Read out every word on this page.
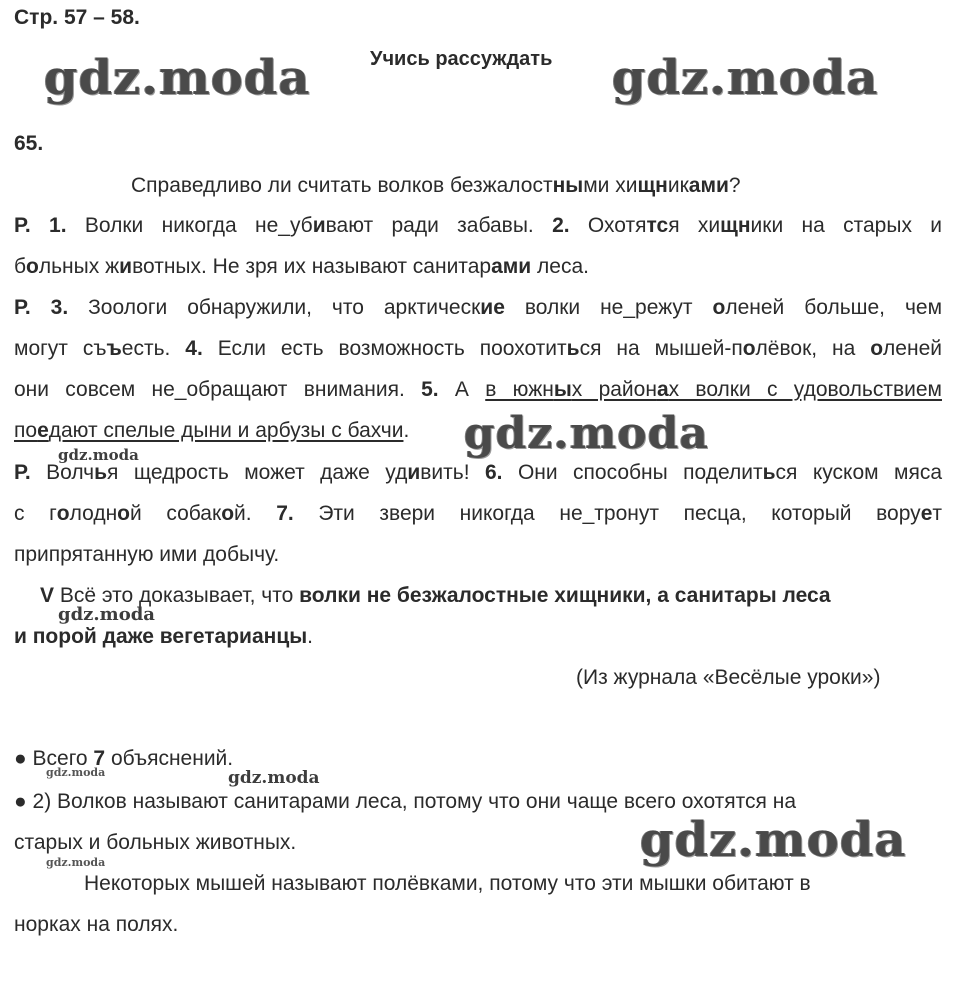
Стр. 57 – 58.
Учись рассуждать
gdz.moda	gdz.moda
65.
Справедливо ли считать волков безжалостными хищниками?
Р. 1. Волки никогда не_убивают ради забавы. 2. Охотятся хищники на старых и
больных животных. Не зря их называют санитарами леса.
Р. 3. Зоологи обнаружили, что арктические волки не_режут оленей больше, чем
могут съъесть. 4. Если есть возможность поохотиться на мышей-полёвок, на оленей
они совсем не_обращают внимания. 5. А в южных районах волки с удовольствием
поедают спелые дыни и арбузы с бахчи.	gdz.moda
gdz.moda
Р. Волчья щедрость может даже удивить! 6. Они способны поделиться куском мяса
с голодной собакой. 7. Эти звери никогда не_тронут песца, который ворует
припрятанную ими добычу.
V Всё это доказывает, что волки не безжалостные хищники, а санитары леса
gdz.moda
и порой даже вегетарианцы.
(Из журнала «Весёлые уроки»)
● Всего 7 объяснений.
gdz.moda	gdz.moda
● 2) Волков называют санитарами леса, потому что они чаще всего охотятся на
старых и больных животных.
gdz.moda	gdz.moda
Некоторых мышей называют полёвками, потому что эти мышки обитают в
норках на полях.
